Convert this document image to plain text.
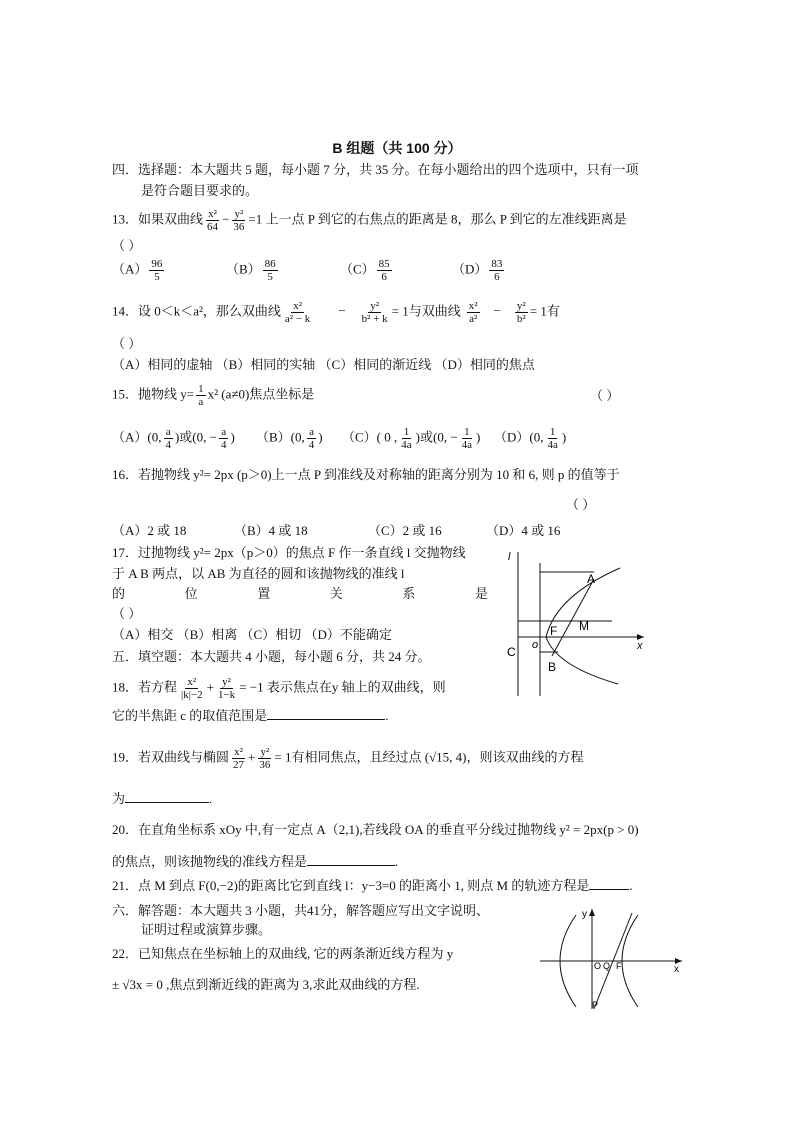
B 组题（共 100 分）
四．选择题：本大题共 5 题，每小题 7 分，共 35 分。在每小题给出的四个选项中，只有一项
是符合题目要求的。
13．如果双曲线 $\frac{\text{x²}}{64} - \frac{\text{y²}}{36} =1$ 上一点 P 到它的右焦点的距离是 8，那么 P 到它的左准线距离是
（ ）
$(A) \frac{96}{5}$	$(B) \frac{86}{5}$	$(C) \frac{85}{6}$	$(D) \frac{83}{6}$
14．设 0＜k＜a²，那么双曲线 $\frac{\text{x²}}{\text{a² − k}} - \frac{\text{y²}}{\text{b² + k}} = 1$与双曲线 $\frac{\text{x²}}{\text{a²}} - \frac{\text{y²}}{\text{b²}} = 1$有
（ ）
（A）相同的虚轴 （B）相同的实轴 （C）相同的渐近线 （D）相同的焦点
15．抛物线 $y= \frac{1}{a} x^2$ (a≠0)焦点坐标是	（ ）
（A）(0, $\frac{a}{4}$ )或(0, − $\frac{a}{4}$ ) （B）(0, $\frac{a}{4}$ ) （C）( 0 , $\frac{1}{4a}$ )或(0, − $\frac{1}{4a}$ ) （D）(0, $\frac{1}{4a}$ )
16．若抛物线 y²= 2px (p＞0)上一点 P 到准线及对称轴的距离分别为 10 和 6, 则 p 的值等于
（ ）
（A）2 或 18	（B）4 或 18	（C）2 或 16	（D）4 或 16
17．过抛物线 y²= 2px（p＞0）的焦点 F 作一条直线 l 交抛物线
于 A B 两点，以 AB 为直径的圆和该抛物线的准线 l
的	位	置	关	系	是
（ ）
（A）相交 （B）相离 （C）相切 （D）不能确定
五．填空题：本大题共 4 小题，每小题 6 分，共 24 分。
18．若方程 $\frac{\text{x²}}{|k|-2} + \frac{\text{y²}}{1-k} = -1$ 表示焦点在y 轴上的双曲线，则
它的半焦距 c 的取值范围是	.
19．若双曲线与椭圆 $\frac{\text{x²}}{27} + \frac{\text{y²}}{36} = 1$有相同焦点，且经过点 (√15, 4)，则该双曲线的方程
为	.
20．在直角坐标系 xOy 中,有一定点 A（2,1),若线段 OA 的垂直平分线过抛物线 y² = 2px(p > 0)
的焦点，则该抛物线的准线方程是	.
21．点 M 到点 F(0,−2)的距离比它到直线 l：y−3=0 的距离小 1, 则点 M 的轨迹方程是	.
六．解答题：本大题共 3 小题，共41分，解答题应写出文字说明、
证明过程或演算步骤。
22．已知焦点在坐标轴上的双曲线, 它的两条渐近线方程为 y
± √3x = 0 ,焦点到渐近线的距离为 3,求此双曲线的方程.
l
A
M
F
o	x
C
B
y
O Q F	x
P
